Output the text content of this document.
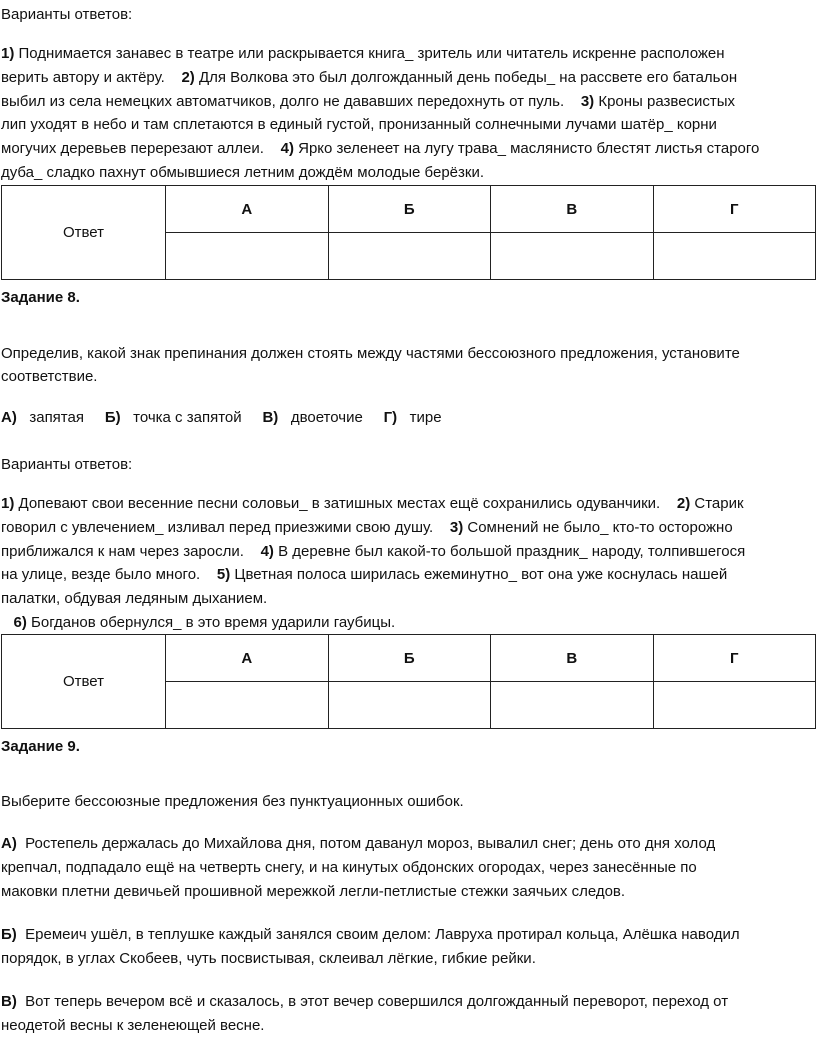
Варианты ответов:
1) Поднимается занавес в театре или раскрывается книга_ зритель или читатель искренне расположен
верить автору и актёру.    2) Для Волкова это был долгожданный день победы_ на рассвете его батальон
выбил из села немецких автоматчиков, долго не дававших передохнуть от пуль.    3) Кроны развесистых
лип уходят в небо и там сплетаются в единый густой, пронизанный солнечными лучами шатёр_ корни
могучих деревьев перерезают аллеи.    4) Ярко зеленеет на лугу трава_ маслянисто блестят листья старого
дуба_ сладко пахнут обмывшиеся летним дождём молодые берёзки.
Ответ	А	Б	В	Г

Задание 8.
Определив, какой знак препинания должен стоять между частями бессоюзного предложения, установите
соответствие.
А) запятая Б) точка с запятой В) двоеточие Г) тире
Варианты ответов:
1) Допевают свои весенние песни соловьи_ в затишных местах ещё сохранились одуванчики.    2) Старик
говорил с увлечением_ изливал перед приезжими свою душу.    3) Сомнений не было_ кто-то осторожно
приближался к нам через заросли.    4) В деревне был какой-то большой праздник_ народу, толпившегося
на улице, везде было много.    5) Цветная полоса ширилась ежеминутно_ вот она уже коснулась нашей
палатки, обдувая ледяным дыханием.
6) Богданов обернулся_ в это время ударили гаубицы.
Ответ	А	Б	В	Г

Задание 9.
Выберите бессоюзные предложения без пунктуационных ошибок.
А) Ростепель держалась до Михайлова дня, потом даванул мороз, вывалил снег; день ото дня холод
крепчал, подпадало ещё на четверть снегу, и на кинутых обдонских огородах, через занесённые по
маковки плетни девичьей прошивной мережкой легли-петлистые стежки заячьих следов.
Б) Еремеич ушёл, в теплушке каждый занялся своим делом: Лавруха протирал кольца, Алёшка наводил
порядок, в углах Скобеев, чуть посвистывая, склеивал лёгкие, гибкие рейки.
В) Вот теперь вечером всё и сказалось, в этот вечер совершился долгожданный переворот, переход от
неодетой весны к зеленеющей весне.
